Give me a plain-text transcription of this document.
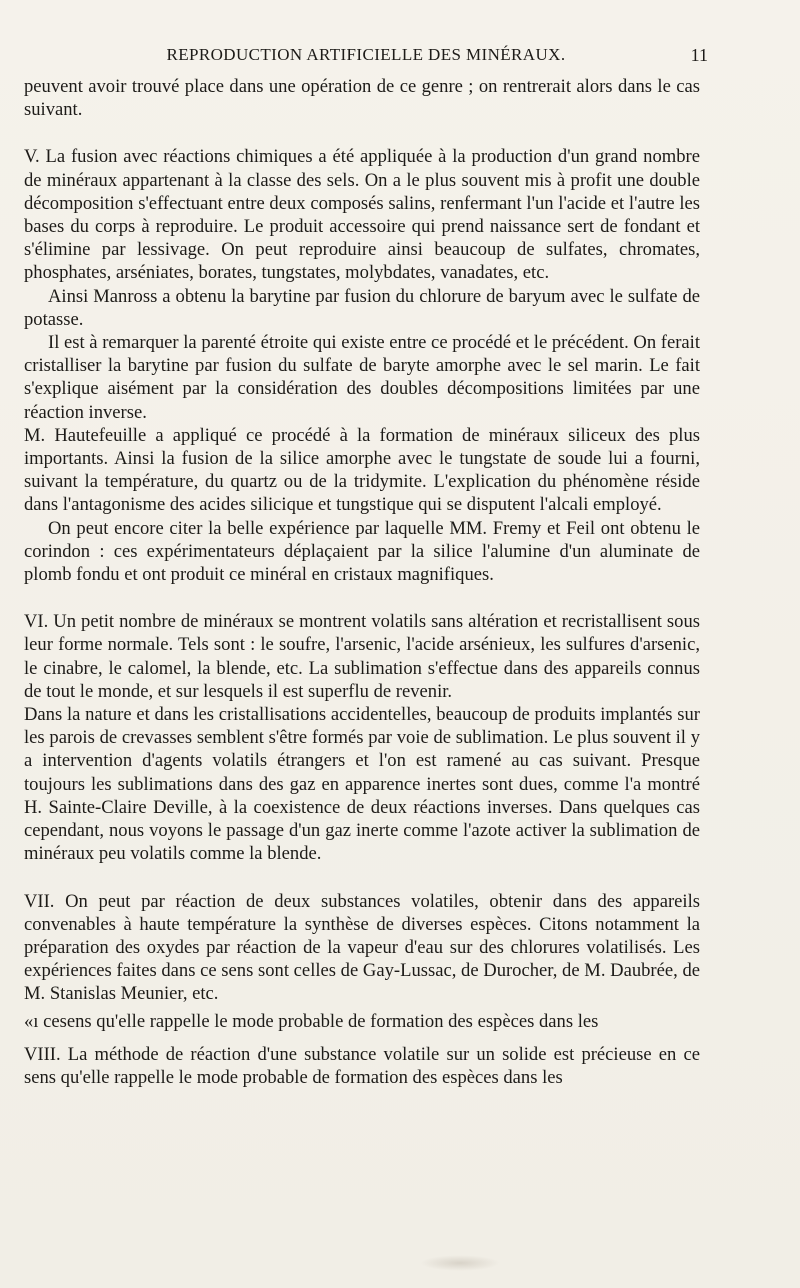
REPRODUCTION ARTIFICIELLE DES MINÉRAUX.	11

peuvent avoir trouvé place dans une opération de ce genre ; on rentrerait alors dans le cas suivant.

V. La fusion avec réactions chimiques a été appliquée à la production d'un grand nombre de minéraux appartenant à la classe des sels. On a le plus souvent mis à profit une double décomposition s'effectuant entre deux composés salins, renfermant l'un l'acide et l'autre les bases du corps à reproduire. Le produit accessoire qui prend naissance sert de fondant et s'élimine par lessivage. On peut reproduire ainsi beaucoup de sulfates, chromates, phosphates, arséniates, borates, tungstates, molybdates, vanadates, etc.

Ainsi Manross a obtenu la barytine par fusion du chlorure de baryum avec le sulfate de potasse.

Il est à remarquer la parenté étroite qui existe entre ce procédé et le précédent. On ferait cristalliser la barytine par fusion du sulfate de baryte amorphe avec le sel marin. Le fait s'explique aisément par la considération des doubles décompositions limitées par une réaction inverse.

M. Hautefeuille a appliqué ce procédé à la formation de minéraux siliceux des plus importants. Ainsi la fusion de la silice amorphe avec le tungstate de soude lui a fourni, suivant la température, du quartz ou de la tridymite. L'explication du phénomène réside dans l'antagonisme des acides silicique et tungstique qui se disputent l'alcali employé.

On peut encore citer la belle expérience par laquelle MM. Fremy et Feil ont obtenu le corindon : ces expérimentateurs déplaçaient par la silice l'alumine d'un aluminate de plomb fondu et ont produit ce minéral en cristaux magnifiques.

VI. Un petit nombre de minéraux se montrent volatils sans altération et recristallisent sous leur forme normale. Tels sont : le soufre, l'arsenic, l'acide arsénieux, les sulfures d'arsenic, le cinabre, le calomel, la blende, etc. La sublimation s'effectue dans des appareils connus de tout le monde, et sur lesquels il est superflu de revenir.

Dans la nature et dans les cristallisations accidentelles, beaucoup de produits implantés sur les parois de crevasses semblent s'être formés par voie de sublimation. Le plus souvent il y a intervention d'agents volatils étrangers et l'on est ramené au cas suivant. Presque toujours les sublimations dans des gaz en apparence inertes sont dues, comme l'a montré H. Sainte-Claire Deville, à la coexistence de deux réactions inverses. Dans quelques cas cependant, nous voyons le passage d'un gaz inerte comme l'azote activer la sublimation de minéraux peu volatils comme la blende.

VII. On peut par réaction de deux substances volatiles, obtenir dans des appareils convenables à haute température la synthèse de diverses espèces. Citons notamment la préparation des oxydes par réaction de la vapeur d'eau sur des chlorures volatilisés. Les expériences faites dans ce sens sont celles de Gay-Lussac, de Durocher, de M. Daubrée, de M. Stanislas Meunier, etc.

«ı cesens qu'elle rappelle le mode probable de formation des espèces dans les

VIII. La méthode de réaction d'une substance volatile sur un solide est précieuse en ce sens qu'elle rappelle le mode probable de formation des espèces dans les
